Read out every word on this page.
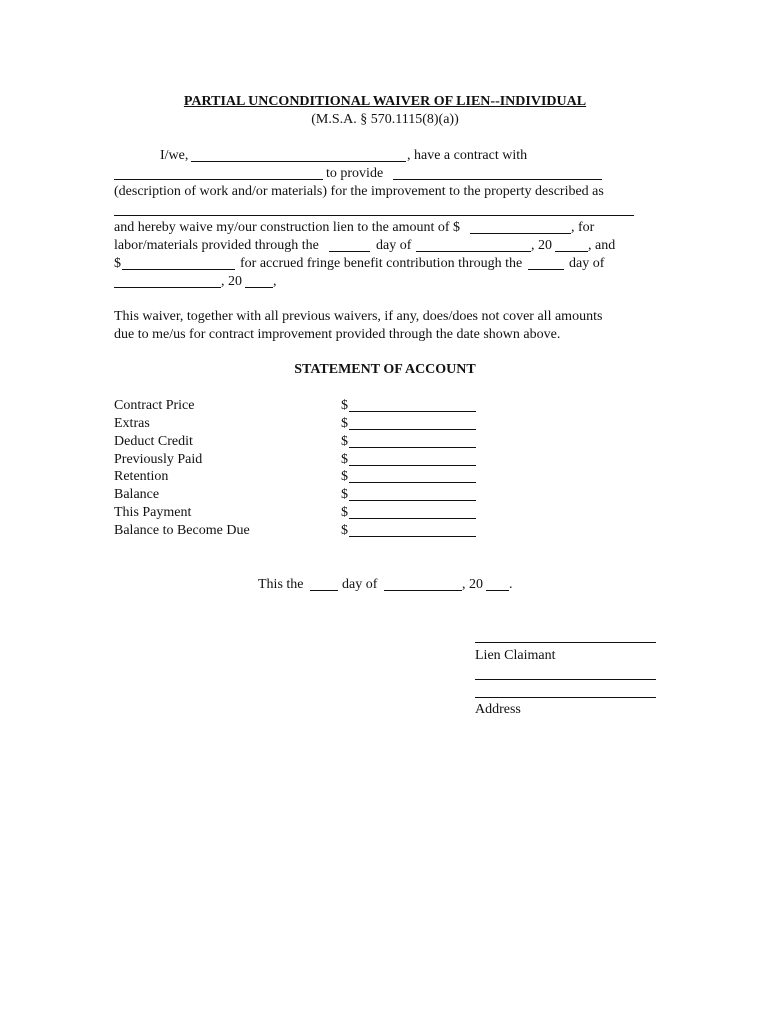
PARTIAL UNCONDITIONAL WAIVER OF LIEN--INDIVIDUAL
(M.S.A. § 570.1115(8)(a))
I/we,	, have a contract with
to provide
(description of work and/or materials) for the improvement to the property described as
and hereby waive my/our construction lien to the amount of $	, for
labor/materials provided through the	day of	, 20	, and
$	for accrued fringe benefit contribution through the	day of
, 20 ,
This waiver, together with all previous waivers, if any, does/does not cover all amounts
due to me/us for contract improvement provided through the date shown above.
STATEMENT OF ACCOUNT
Contract Price	$
Extras	$
Deduct Credit	$
Previously Paid	$
Retention	$
Balance	$
This Payment	$
Balance to Become Due	$
This the	day of	, 20 .
Lien Claimant
Address
